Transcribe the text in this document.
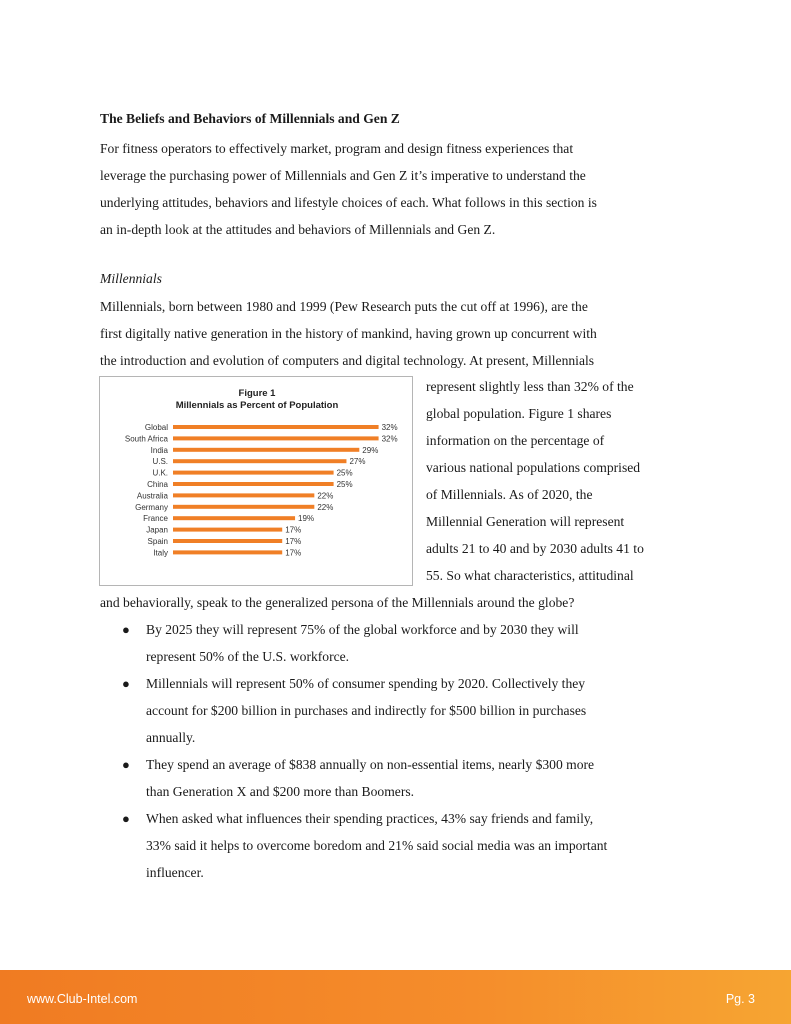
The Beliefs and Behaviors of Millennials and Gen Z
For fitness operators to effectively market, program and design fitness experiences that
leverage the purchasing power of Millennials and Gen Z it’s imperative to understand the
underlying attitudes, behaviors and lifestyle choices of each. What follows in this section is
an in-depth look at the attitudes and behaviors of Millennials and Gen Z.
Millennials
Millennials, born between 1980 and 1999 (Pew Research puts the cut off at 1996), are the
first digitally native generation in the history of mankind, having grown up concurrent with
the introduction and evolution of computers and digital technology. At present, Millennials
Figure 1
Millennials as Percent of Population
Global	32%
South Africa	32%
India	29%
U.S.	27%
U.K.	25%
China	25%
Australia	22%
Germany	22%
France	19%
Japan	17%
Spain	17%
Italy	17%
represent slightly less than 32% of the
global population. Figure 1 shares
information on the percentage of
various national populations comprised
of Millennials. As of 2020, the
Millennial Generation will represent
adults 21 to 40 and by 2030 adults 41 to
55. So what characteristics, attitudinal
and behaviorally, speak to the generalized persona of the Millennials around the globe?
● By 2025 they will represent 75% of the global workforce and by 2030 they will
represent 50% of the U.S. workforce.
● Millennials will represent 50% of consumer spending by 2020. Collectively they
account for $200 billion in purchases and indirectly for $500 billion in purchases
annually.
● They spend an average of $838 annually on non-essential items, nearly $300 more
than Generation X and $200 more than Boomers.
● When asked what influences their spending practices, 43% say friends and family,
33% said it helps to overcome boredom and 21% said social media was an important
influencer.
www.Club-Intel.com	Pg. 3
